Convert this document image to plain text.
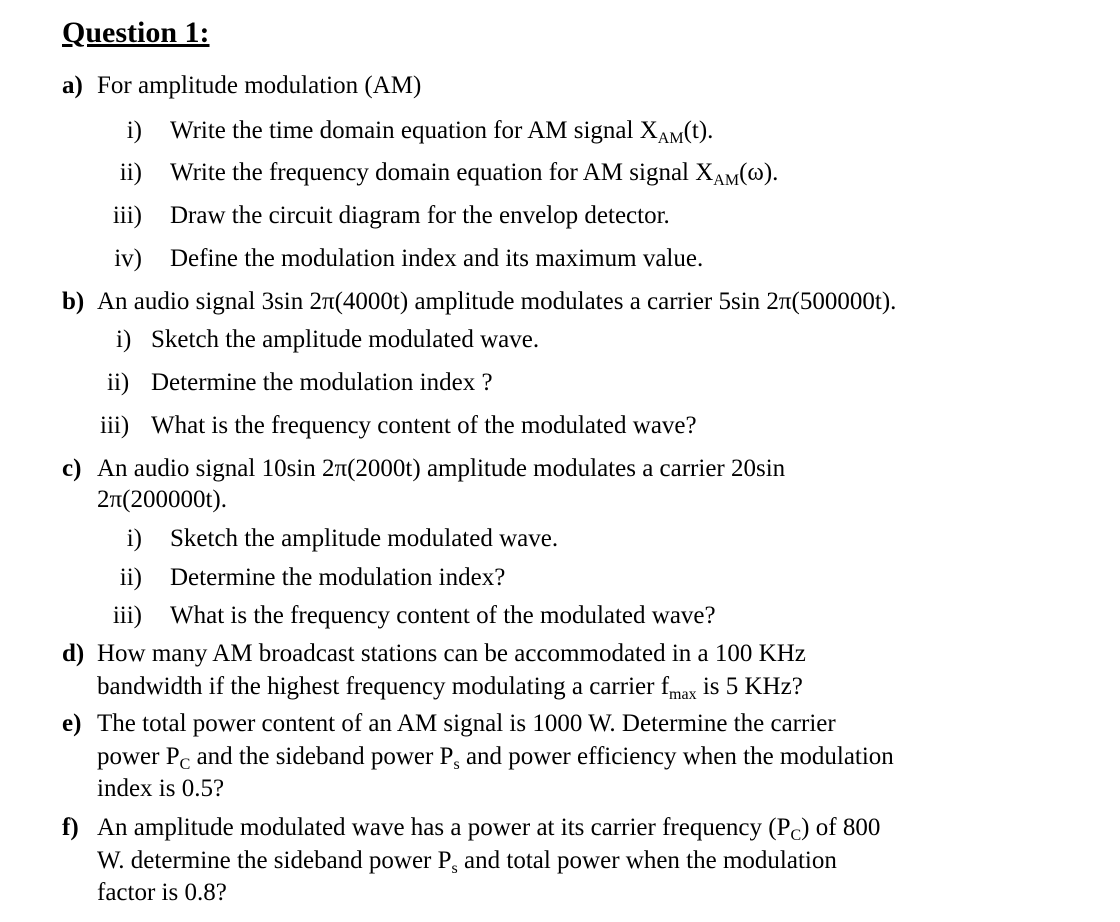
Question 1:
a) For amplitude modulation (AM)
i) Write the time domain equation for AM signal $X_{AM}(t)$.
ii) Write the frequency domain equation for AM signal $X_{AM}(\omega)$.
iii) Draw the circuit diagram for the envelop detector.
iv) Define the modulation index and its maximum value.
b) An audio signal 3sin 2π(4000t) amplitude modulates a carrier 5sin 2π(500000t).
i) Sketch the amplitude modulated wave.
ii) Determine the modulation index ?
iii) What is the frequency content of the modulated wave?
c) An audio signal 10sin 2π(2000t) amplitude modulates a carrier 20sin
2π(200000t).
i) Sketch the amplitude modulated wave.
ii) Determine the modulation index?
iii) What is the frequency content of the modulated wave?
d) How many AM broadcast stations can be accommodated in a 100 KHz
bandwidth if the highest frequency modulating a carrier $f_{max}$ is 5 KHz?
e) The total power content of an AM signal is 1000 W. Determine the carrier
power $P_C$ and the sideband power $P_s$ and power efficiency when the modulation
index is 0.5?
f) An amplitude modulated wave has a power at its carrier frequency $(P_C)$ of 800
W. determine the sideband power $P_s$ and total power when the modulation
factor is 0.8?
